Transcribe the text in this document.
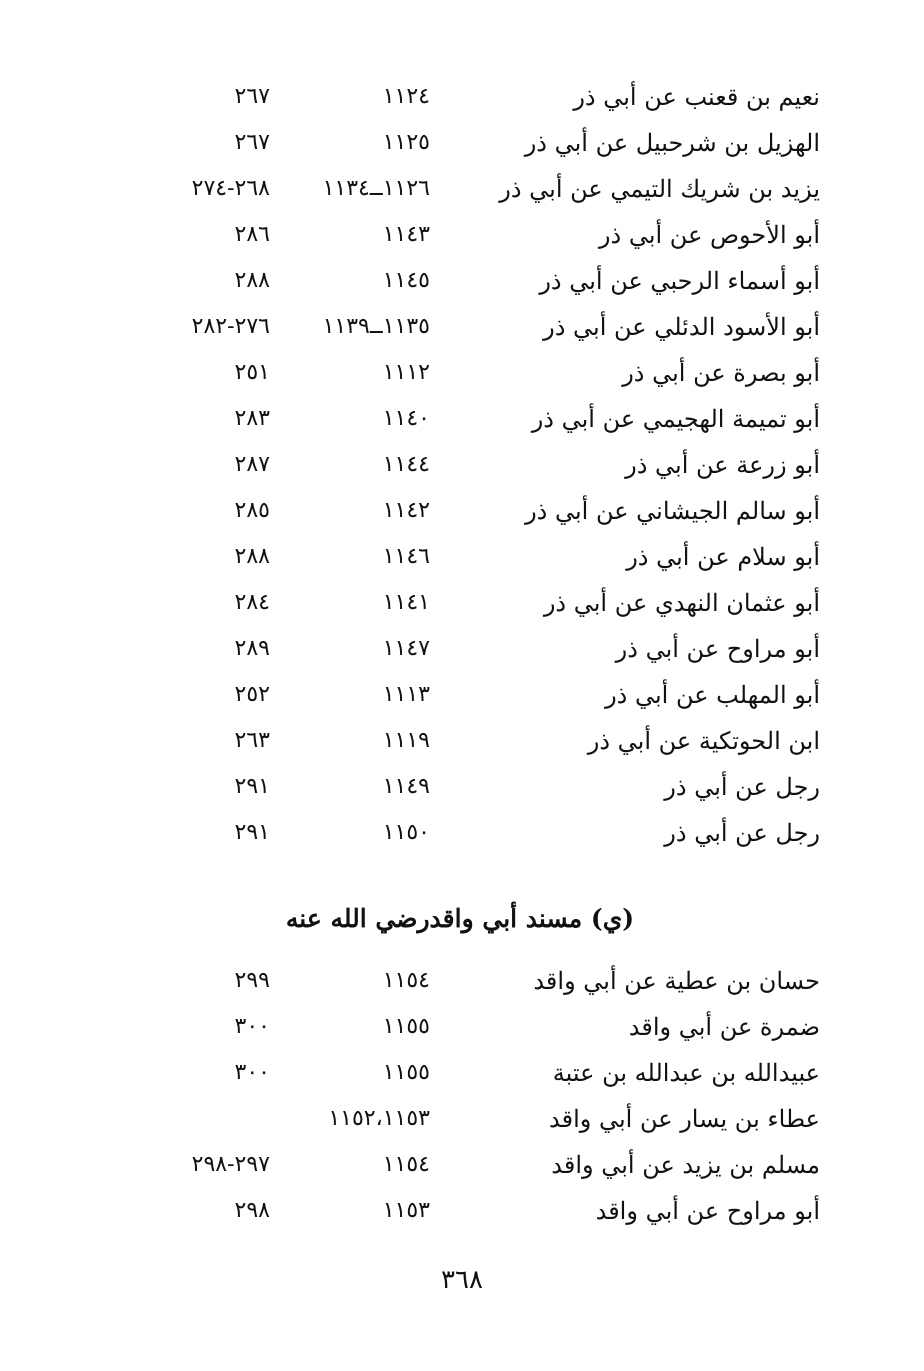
نعيم بن قعنب عن أبي ذر
١١٢٤
٢٦٧
الهزيل بن شرحبيل عن أبي ذر
١١٢٥
٢٦٧
يزيد بن شريك التيمي عن أبي ذر
١١٢٦ــ١١٣٤
٢٦٨-٢٧٤
أبو الأحوص عن أبي ذر
١١٤٣
٢٨٦
أبو أسماء الرحبي عن أبي ذر
١١٤٥
٢٨٨
أبو الأسود الدئلي عن أبي ذر
١١٣٥ــ١١٣٩
٢٧٦-٢٨٢
أبو بصرة عن أبي ذر
١١١٢
٢٥١
أبو تميمة الهجيمي عن أبي ذر
١١٤٠
٢٨٣
أبو زرعة عن أبي ذر
١١٤٤
٢٨٧
أبو سالم الجيشاني عن أبي ذر
١١٤٢
٢٨٥
أبو سلام عن أبي ذر
١١٤٦
٢٨٨
أبو عثمان النهدي عن أبي ذر
١١٤١
٢٨٤
أبو مراوح عن أبي ذر
١١٤٧
٢٨٩
أبو المهلب عن أبي ذر
١١١٣
٢٥٢
ابن الحوتكية عن أبي ذر
١١١٩
٢٦٣
رجل عن أبي ذر
١١٤٩
٢٩١
رجل عن أبي ذر
١١٥٠
٢٩١
(ي) مسند أبي واقدرضي الله عنه
حسان بن عطية عن أبي واقد
١١٥٤
٢٩٩
ضمرة عن أبي واقد
١١٥٥
٣٠٠
عبيدالله بن عبدالله بن عتبة
١١٥٥
٣٠٠
عطاء بن يسار عن أبي واقد
١١٥٢،١١٥٣
مسلم بن يزيد عن أبي واقد
١١٥٤
٢٩٧-٢٩٨
أبو مراوح عن أبي واقد
١١٥٣
٢٩٨
٣٦٨
